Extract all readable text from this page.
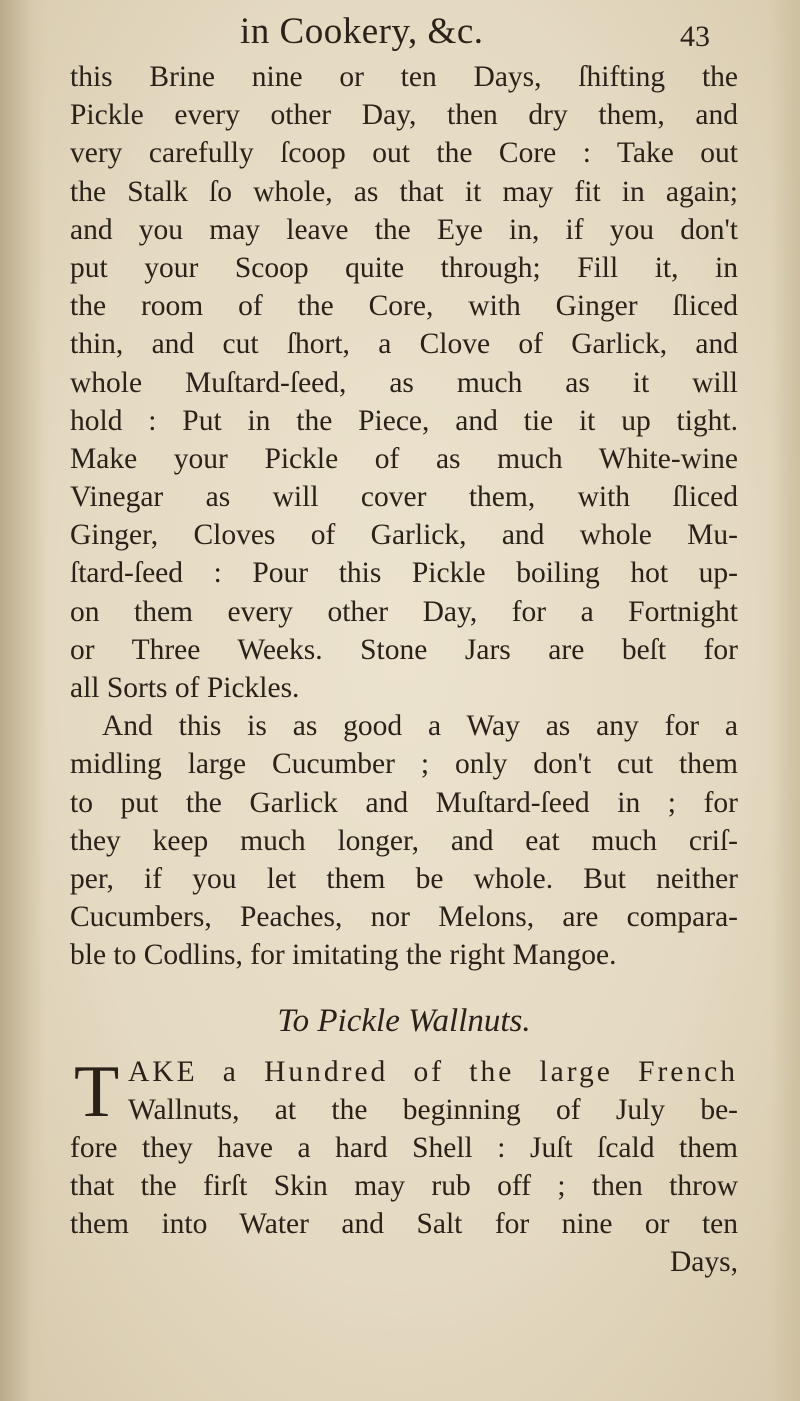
in Cookery, &c.	43
this Brine nine or ten Days, ſhifting the
Pickle every other Day, then dry them, and
very carefully ſcoop out the Core : Take out
the Stalk ſo whole, as that it may fit in again;
and you may leave the Eye in, if you don't
put your Scoop quite through; Fill it, in
the room of the Core, with Ginger ſliced
thin, and cut ſhort, a Clove of Garlick, and
whole Muſtard-ſeed, as much as it will
hold : Put in the Piece, and tie it up tight.
Make your Pickle of as much White-wine
Vinegar as will cover them, with ſliced
Ginger, Cloves of Garlick, and whole Mu-
ſtard-ſeed : Pour this Pickle boiling hot up-
on them every other Day, for a Fortnight
or Three Weeks. Stone Jars are beſt for
all Sorts of Pickles.
And this is as good a Way as any for a
midling large Cucumber ; only don't cut them
to put the Garlick and Muſtard-ſeed in ; for
they keep much longer, and eat much criſ-
per, if you let them be whole. But neither
Cucumbers, Peaches, nor Melons, are compara-
ble to Codlins, for imitating the right Mangoe.
To Pickle Wallnuts.
T AKE a Hundred of the large French
Wallnuts, at the beginning of July be-
fore they have a hard Shell : Juſt ſcald them
that the firſt Skin may rub off ; then throw
them into Water and Salt for nine or ten
Days,
